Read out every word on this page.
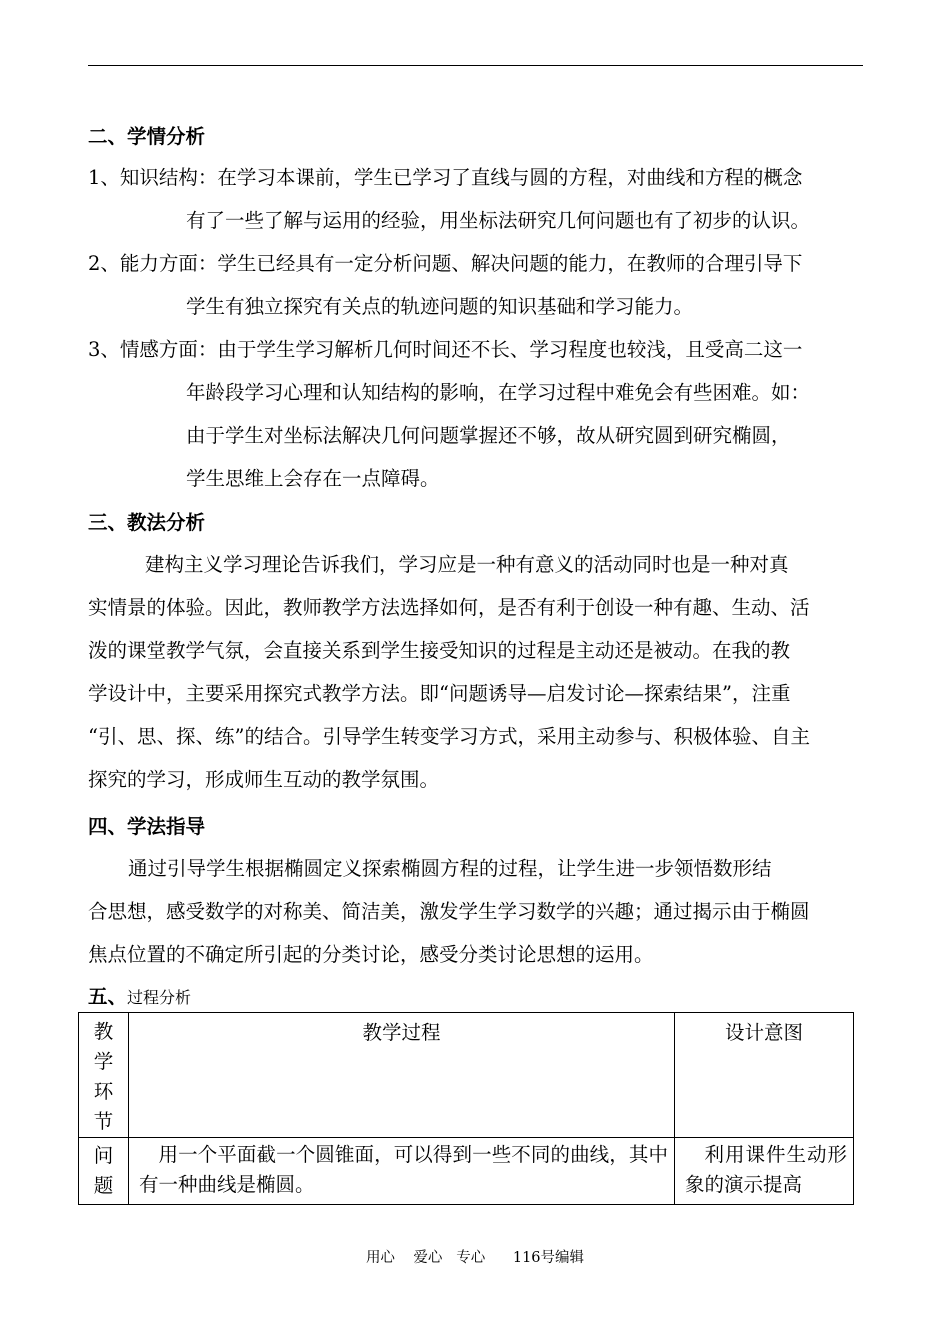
二、学情分析
1、知识结构：在学习本课前，学生已学习了直线与圆的方程，对曲线和方程的概念
有了一些了解与运用的经验，用坐标法研究几何问题也有了初步的认识。
2、能力方面：学生已经具有一定分析问题、解决问题的能力，在教师的合理引导下
学生有独立探究有关点的轨迹问题的知识基础和学习能力。
3、情感方面：由于学生学习解析几何时间还不长、学习程度也较浅，且受高二这一
年龄段学习心理和认知结构的影响，在学习过程中难免会有些困难。如：
由于学生对坐标法解决几何问题掌握还不够，故从研究圆到研究椭圆，
学生思维上会存在一点障碍。
三、教法分析
建构主义学习理论告诉我们，学习应是一种有意义的活动同时也是一种对真
实情景的体验。因此，教师教学方法选择如何，是否有利于创设一种有趣、生动、活
泼的课堂教学气氛，会直接关系到学生接受知识的过程是主动还是被动。在我的教
学设计中，主要采用探究式教学方法。即“问题诱导—启发讨论—探索结果”，注重
“引、思、探、练”的结合。引导学生转变学习方式，采用主动参与、积极体验、自主
探究的学习，形成师生互动的教学氛围。
四、学法指导
通过引导学生根据椭圆定义探索椭圆方程的过程，让学生进一步领悟数形结
合思想，感受数学的对称美、简洁美，激发学生学习数学的兴趣；通过揭示由于椭圆
焦点位置的不确定所引起的分类讨论，感受分类讨论思想的运用。
五、过程分析
教
学
环
节	教学过程	设计意图

问
题	用一个平面截一个圆锥面，可以得到一些不同的曲线，其中有一种曲线是椭圆。	利用课件生动形象的演示提高
用心    爱心   专心      116号编辑
